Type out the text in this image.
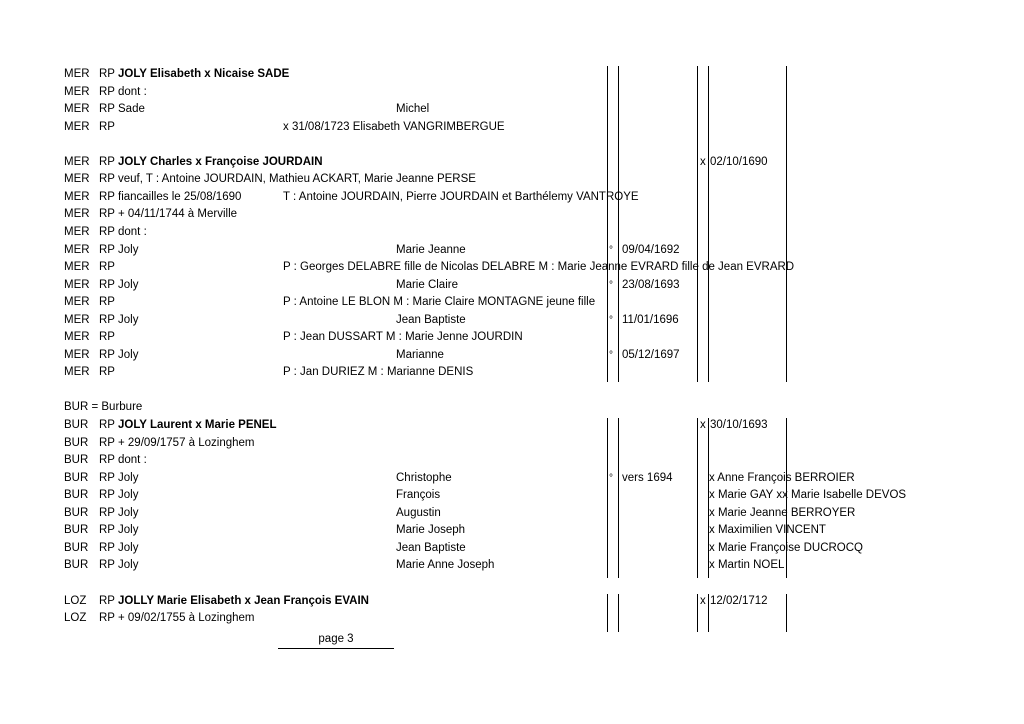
MER RP JOLY Elisabeth x Nicaise SADE
MER RP dont :
MER RP Sade	Michel
MER RP	x 31/08/1723 Elisabeth VANGRIMBERGUE
MER RP JOLY Charles x Françoise JOURDAIN	x 02/10/1690
MER RP veuf, T : Antoine JOURDAIN, Mathieu ACKART, Marie Jeanne PERSE
MER RP fiancailles le 25/08/1690	T : Antoine JOURDAIN, Pierre JOURDAIN et Barthélemy VANTROYE
MER RP + 04/11/1744 à Merville
MER RP dont :
MER RP Joly	Marie Jeanne	° 09/04/1692
MER RP	P : Georges DELABRE fille de Nicolas DELABRE M : Marie Jeanne EVRARD fille de Jean EVRARD
MER RP Joly	Marie Claire	° 23/08/1693
MER RP	P : Antoine LE BLON M : Marie Claire MONTAGNE jeune fille
MER RP Joly	Jean Baptiste	° 11/01/1696
MER RP	P : Jean DUSSART M : Marie Jenne JOURDIN
MER RP Joly	Marianne	° 05/12/1697
MER RP	P : Jan DURIEZ M : Marianne DENIS
BUR = Burbure
BUR RP JOLY Laurent x Marie PENEL	x 30/10/1693
BUR RP + 29/09/1757 à Lozinghem
BUR RP dont :
BUR RP Joly	Christophe	° vers 1694	x Anne François BERROIER
BUR RP Joly	François	x Marie GAY xx Marie Isabelle DEVOS
BUR RP Joly	Augustin	x Marie Jeanne BERROYER
BUR RP Joly	Marie Joseph	x Maximilien VINCENT
BUR RP Joly	Jean Baptiste	x Marie Françoise DUCROCQ
BUR RP Joly	Marie Anne Joseph	x Martin NOEL
LOZ RP JOLLY Marie Elisabeth x Jean François EVAIN	x 12/02/1712
LOZ RP + 09/02/1755 à Lozinghem
page 3
